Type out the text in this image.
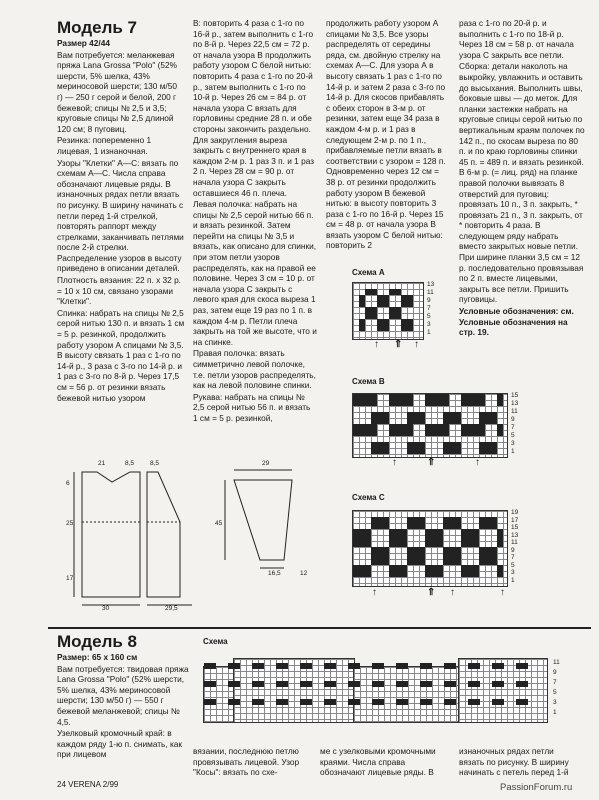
Модель 7

Размер 42/44

Вам потребуется: меланжевая пряжа Lana Grossa "Polo" (52% шерсти, 5% шелка, 43% мериносовой шерсти; 130 м/50 г) — 250 г серой и белой, 200 г бежевой; спицы № 2,5 и 3,5; круговые спицы № 2,5 длиной 120 см; 8 пуговиц.

Резинка: попеременно 1 лицевая, 1 изнаночная.

Узоры "Клетки" А—С: вязать по схемам А—С. Числа справа обозначают лицевые ряды. В изнаночных рядах петли вязать по рисунку. В ширину начинать с петли перед 1-й стрелкой, повторять раппорт между стрелками, заканчивать петлями после 2-й стрелки. Распределение узоров в высоту приведено в описании деталей.

Плотность вязания: 22 п. х 32 р. = 10 х 10 см, связано узорами "Клетки".

Спинка: набрать на спицы № 2,5 серой нитью 130 п. и вязать 1 см = 5 р. резинкой, продолжить работу узором А спицами № 3,5. В высоту связать 1 раз с 1-го по 14-й р., 3 раза с 3-го по 14-й р. и 1 раз с 3-го по 8-й р. Через 17,5 см = 56 р. от резинки вязать бежевой нитью узором

В: повторить 4 раза с 1-го по 16-й р., затем выполнить с 1-го по 8-й р. Через 22,5 см = 72 р. от начала узора В продолжить работу узором С белой нитью: повторить 4 раза с 1-го по 20-й р., затем выполнить с 1-го по 10-й р. Через 26 см = 84 р. от начала узора С вязать для горловины средние 28 п. и обе стороны закончить раздельно. Для закругления выреза закрыть с внутреннего края в каждом 2-м р. 1 раз 3 п. и 1 раз 2 п. Через 28 см = 90 р. от начала узора С закрыть оставшиеся 46 п. плеча.

Левая полочка: набрать на спицы № 2,5 серой нитью 66 п. и вязать резинкой. Затем перейти на спицы № 3,5 и вязать, как описано для спинки, при этом петли узоров распределять, как на правой ее половине. Через 3 см = 10 р. от начала узора С закрыть с левого края для скоса выреза 1 раз, затем еще 19 раз по 1 п. в каждом 4-м р. Петли плеча закрыть на той же высоте, что и на спинке.

Правая полочка: вязать симметрично левой полочке, т.е. петли узоров распределять, как на левой половине спинки.

Рукава: набрать на спицы № 2,5 серой нитью 56 п. и вязать 1 см = 5 р. резинкой,

продолжить работу узором А спицами № 3,5. Все узоры распределять от середины ряда, см. двойную стрелку на схемах А—С. Для узора А в высоту связать 1 раз с 1-го по 14-й р. и затем 2 раза с 3-го по 14-й р. Для скосов прибавлять с обеих сторон в 3-м р. от резинки, затем еще 34 раза в каждом 4-м р. и 1 раз в следующем 2-м р. по 1 п., прибавляемые петли вязать в соответствии с узором = 128 п. Одновременно через 12 см = 38 р. от резинки продолжить работу узором В бежевой нитью: в высоту повторить 3 раза с 1-го по 16-й р. Через 15 см = 48 р. от начала узора В вязать узором С белой нитью: повторить 2

раза с 1-го по 20-й р. и выполнить с 1-го по 18-й р. Через 18 см = 58 р. от начала узора С закрыть все петли.

Сборка: детали наколоть на выкройку, увлажнить и оставить до высыхания. Выполнить швы, боковые швы — до меток. Для планки застежки набрать на круговые спицы серой нитью по вертикальным краям полочек по 142 п., по скосам выреза по 80 п. и по краю горловины спинки 45 п. = 489 п. и вязать резинкой. В 6-м р. (= лиц. ряд) на планке правой полочки вывязать 8 отверстий для пуговиц: провязать 10 п., 3 п. закрыть, * провязать 21 п., 3 п. закрыть, от * повторить 4 раза. В следующем ряду набрать вместо закрытых новые петли. При ширине планки 3,5 см = 12 р. последовательно провязывая по 2 п. вместе лицевыми, закрыть все петли. Пришить пуговицы.

Условные обозначения: см. Условные обозначения на стр. 19.

Схема А
13
11
9
7
5
3
1
↑ ⇑ ↑
Схема В
15
13
11
9
7
5
3
1
↑	⇑	↑
Схема С
19
17
15
13
11
9
7
5
3
1
↑	⇑ ↑	↑
21	8,5
30
6
25
17
8,5
29,5
29
45
16,5	12
Модель 8

Размер: 65 х 160 см

Вам потребуется: твидовая пряжа Lana Grossa "Polo" (52% шерсти, 5% шелка, 43% мериносовой шерсти; 130 м/50 г) — 550 г бежевой меланжевой; спицы № 4,5.

Узелковый кромочный край: в каждом ряду 1-ю п. снимать, как при лицевом

Схема
11
9
7
5
3
1

вязании, последнюю петлю провязывать лицевой. Узор "Косы": вязать по схе-

ме с узелковыми кромочными краями. Числа справа обозначают лицевые ряды. В

изнаночных рядах петли вязать по рисунку. В ширину начинать с петель перед 1-й

24 VERENA 2/99	PassionForum.ru
